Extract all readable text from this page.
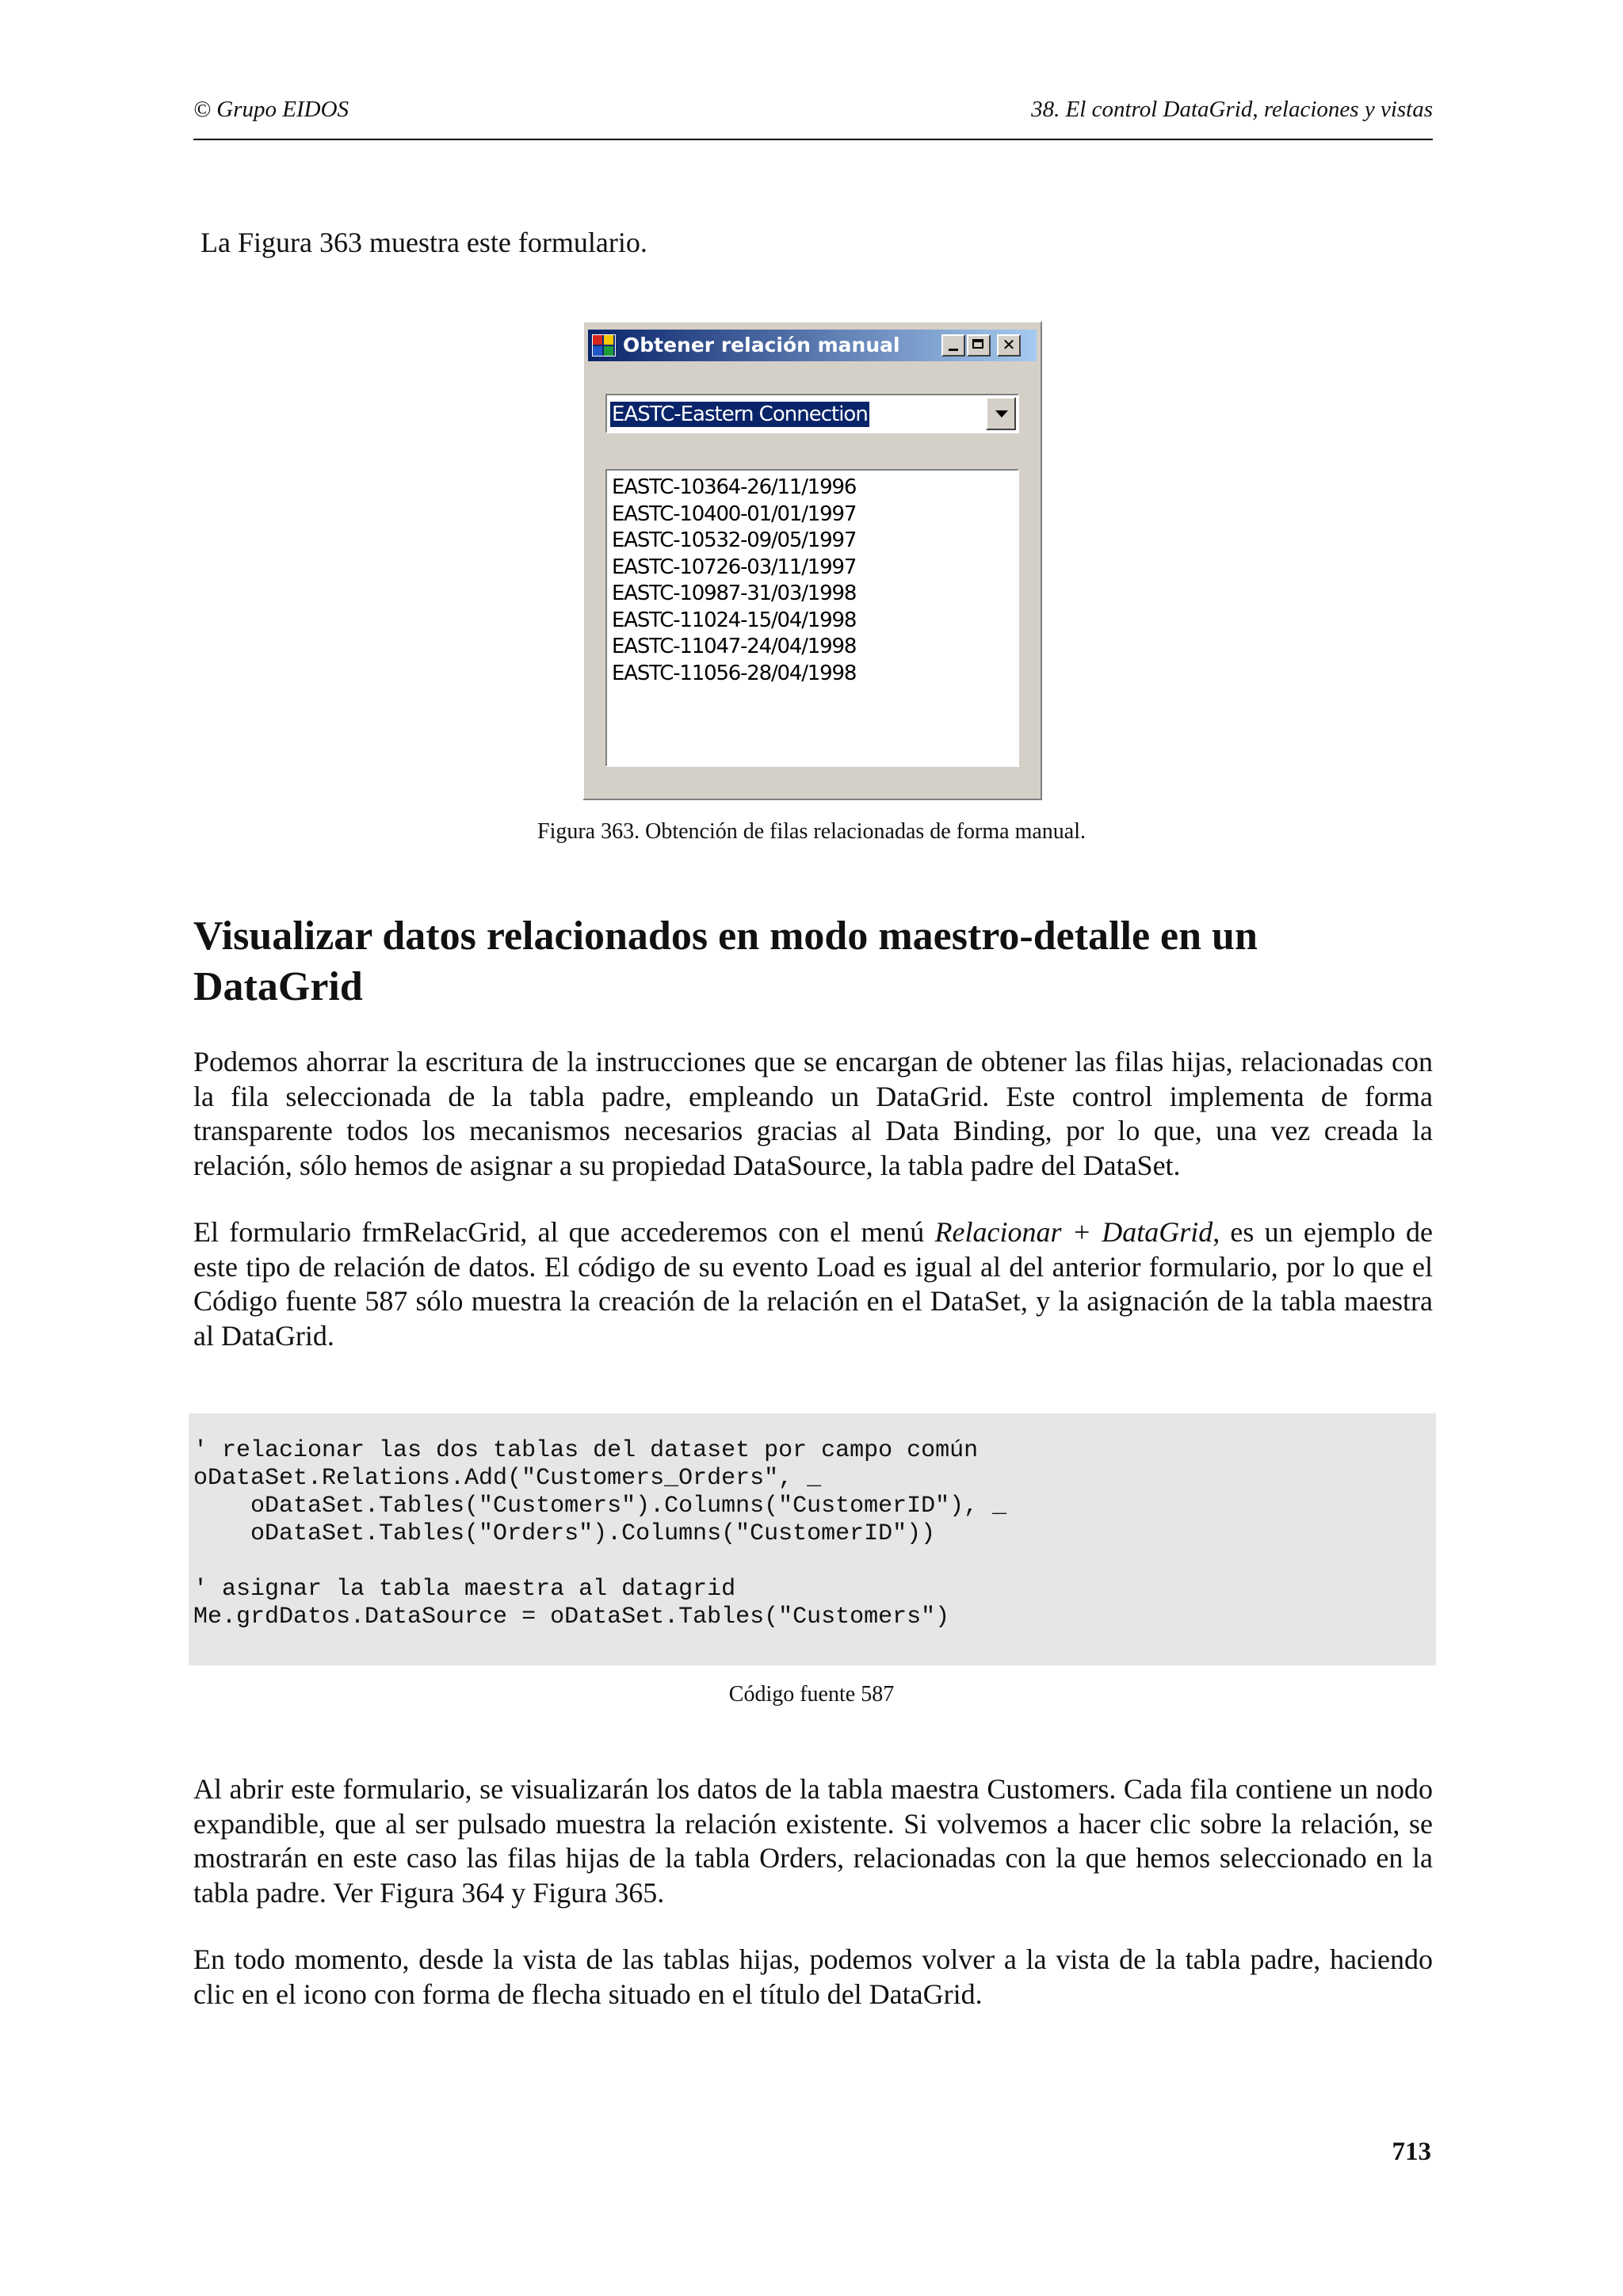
© Grupo EIDOS	38. El control DataGrid, relaciones y vistas
La Figura 363 muestra este formulario.
Obtener relación manual	✕
EASTC-Eastern Connection
EASTC-10364-26/11/1996
EASTC-10400-01/01/1997
EASTC-10532-09/05/1997
EASTC-10726-03/11/1997
EASTC-10987-31/03/1998
EASTC-11024-15/04/1998
EASTC-11047-24/04/1998
EASTC-11056-28/04/1998
Figura 363. Obtención de filas relacionadas de forma manual.
Visualizar datos relacionados en modo maestro-detalle en un
DataGrid
Podemos ahorrar la escritura de la instrucciones que se encargan de obtener las filas hijas, relacionadas con la fila seleccionada de la tabla padre, empleando un DataGrid. Este control implementa de forma transparente todos los mecanismos necesarios gracias al Data Binding, por lo que, una vez creada la relación, sólo hemos de asignar a su propiedad DataSource, la tabla padre del DataSet.
El formulario frmRelacGrid, al que accederemos con el menú Relacionar + DataGrid, es un ejemplo de este tipo de relación de datos. El código de su evento Load es igual al del anterior formulario, por lo que el Código fuente 587 sólo muestra la creación de la relación en el DataSet, y la asignación de la tabla maestra al DataGrid.
' relacionar las dos tablas del dataset por campo común
oDataSet.Relations.Add("Customers_Orders", _
oDataSet.Tables("Customers").Columns("CustomerID"), _
oDataSet.Tables("Orders").Columns("CustomerID"))
' asignar la tabla maestra al datagrid
Me.grdDatos.DataSource = oDataSet.Tables("Customers")
Código fuente 587
Al abrir este formulario, se visualizarán los datos de la tabla maestra Customers. Cada fila contiene un nodo expandible, que al ser pulsado muestra la relación existente. Si volvemos a hacer clic sobre la relación, se mostrarán en este caso las filas hijas de la tabla Orders, relacionadas con la que hemos seleccionado en la tabla padre. Ver Figura 364 y Figura 365.
En todo momento, desde la vista de las tablas hijas, podemos volver a la vista de la tabla padre, haciendo clic en el icono con forma de flecha situado en el título del DataGrid.
713
